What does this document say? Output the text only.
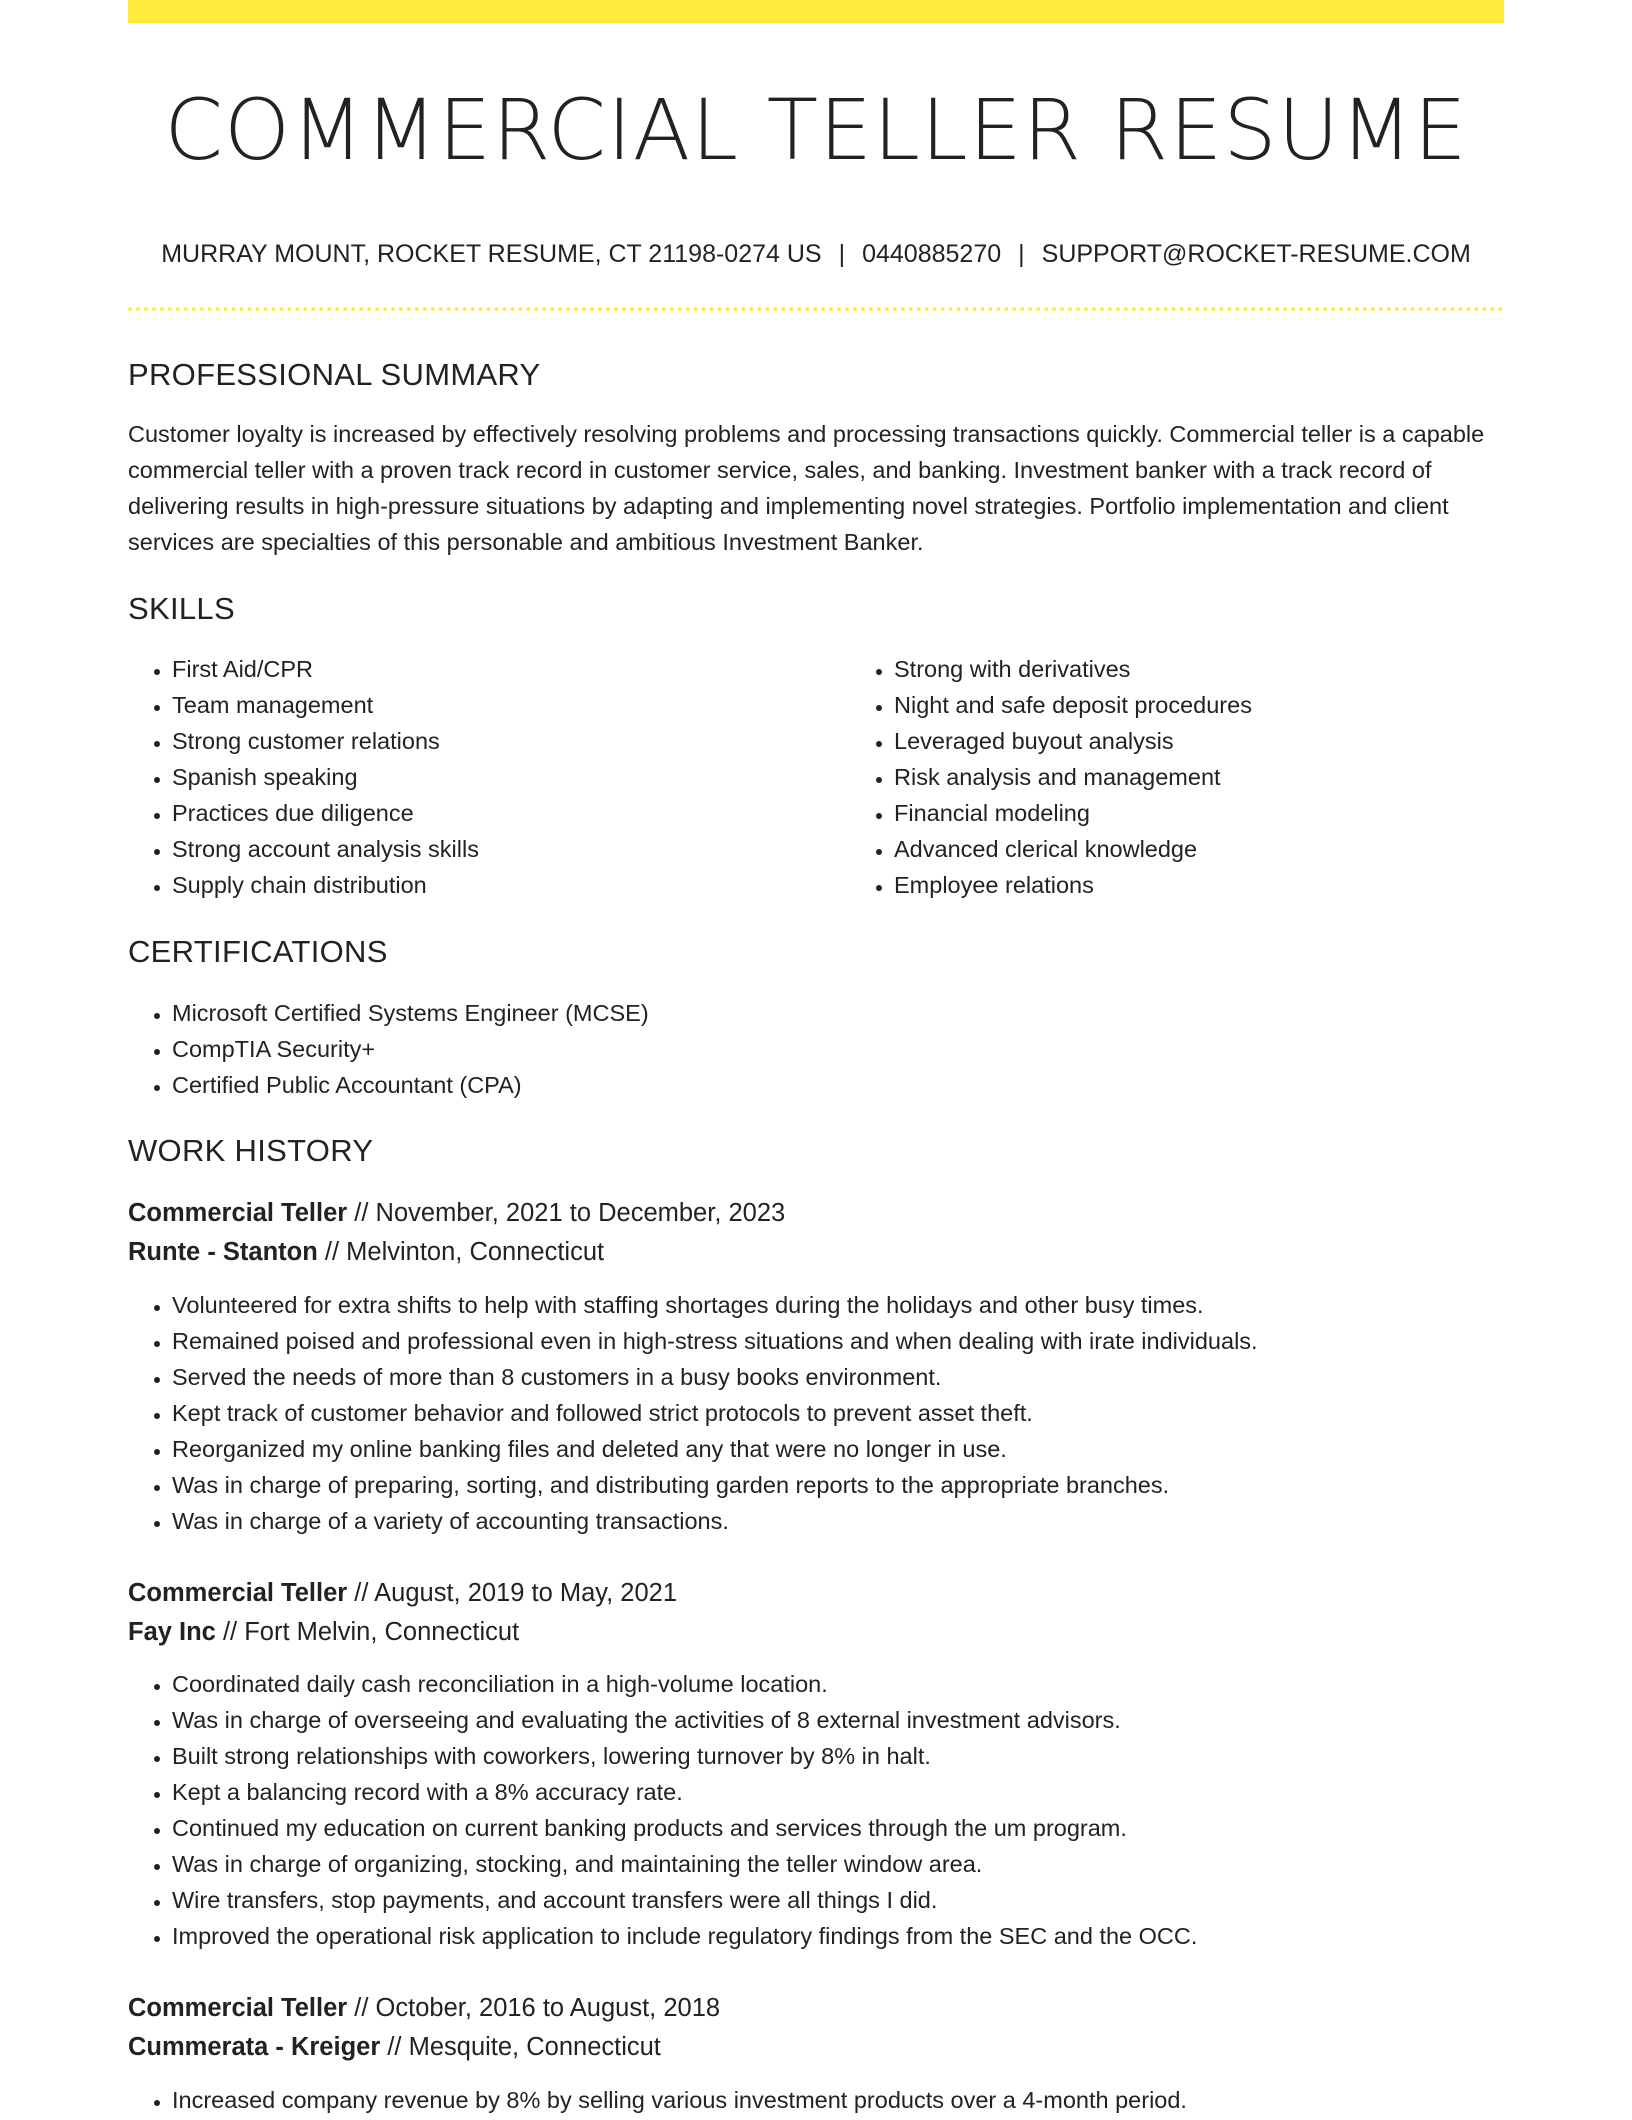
COMMERCIAL TELLER RESUME
MURRAY MOUNT, ROCKET RESUME, CT 21198-0274 US | 0440885270 | SUPPORT@ROCKET-RESUME.COM
PROFESSIONAL SUMMARY

Customer loyalty is increased by effectively resolving problems and processing transactions quickly. Commercial teller is a capable commercial teller with a proven track record in customer service, sales, and banking. Investment banker with a track record of delivering results in high-pressure situations by adapting and implementing novel strategies. Portfolio implementation and client services are specialties of this personable and ambitious Investment Banker.

SKILLS
• First Aid/CPR
• Team management
• Strong customer relations
• Spanish speaking
• Practices due diligence
• Strong account analysis skills
• Supply chain distribution
• Strong with derivatives
• Night and safe deposit procedures
• Leveraged buyout analysis
• Risk analysis and management
• Financial modeling
• Advanced clerical knowledge
• Employee relations
CERTIFICATIONS
• Microsoft Certified Systems Engineer (MCSE)
• CompTIA Security+
• Certified Public Accountant (CPA)
WORK HISTORY
Commercial Teller // November, 2021 to December, 2023
Runte - Stanton // Melvinton, Connecticut
• Volunteered for extra shifts to help with staffing shortages during the holidays and other busy times.
• Remained poised and professional even in high-stress situations and when dealing with irate individuals.
• Served the needs of more than 8 customers in a busy books environment.
• Kept track of customer behavior and followed strict protocols to prevent asset theft.
• Reorganized my online banking files and deleted any that were no longer in use.
• Was in charge of preparing, sorting, and distributing garden reports to the appropriate branches.
• Was in charge of a variety of accounting transactions.
Commercial Teller // August, 2019 to May, 2021
Fay Inc // Fort Melvin, Connecticut
• Coordinated daily cash reconciliation in a high-volume location.
• Was in charge of overseeing and evaluating the activities of 8 external investment advisors.
• Built strong relationships with coworkers, lowering turnover by 8% in halt.
• Kept a balancing record with a 8% accuracy rate.
• Continued my education on current banking products and services through the um program.
• Was in charge of organizing, stocking, and maintaining the teller window area.
• Wire transfers, stop payments, and account transfers were all things I did.
• Improved the operational risk application to include regulatory findings from the SEC and the OCC.
Commercial Teller // October, 2016 to August, 2018
Cummerata - Kreiger // Mesquite, Connecticut
• Increased company revenue by 8% by selling various investment products over a 4-month period.
